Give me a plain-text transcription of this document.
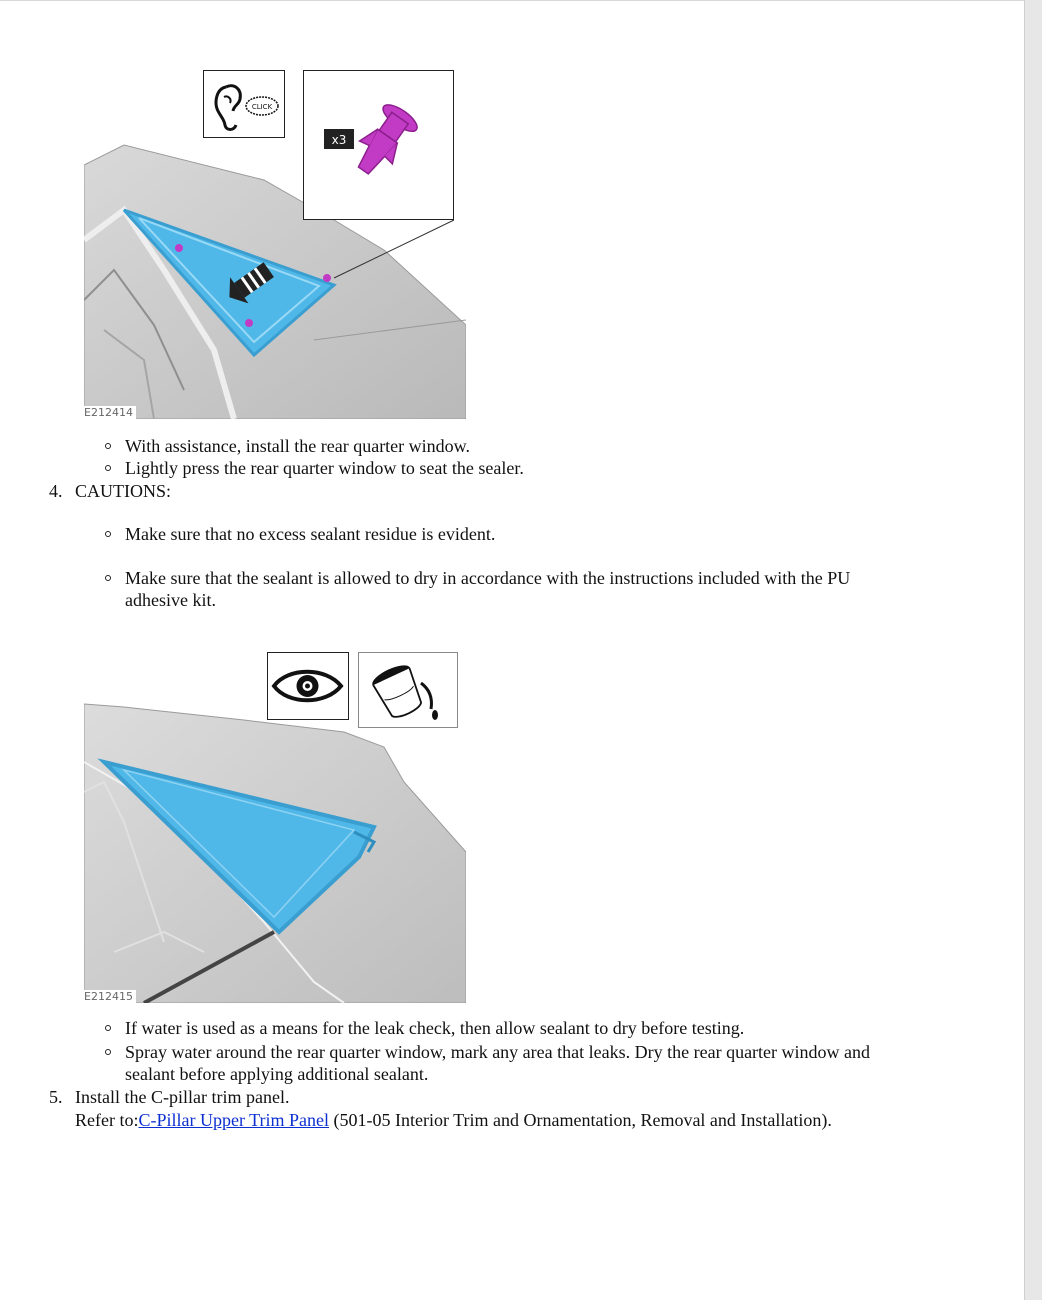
CLICK
x3
E212414
With assistance, install the rear quarter window.
Lightly press the rear quarter window to seat the sealer.
4. CAUTIONS:
Make sure that no excess sealant residue is evident.
Make sure that the sealant is allowed to dry in accordance with the instructions included with the PU
adhesive kit.
E212415
If water is used as a means for the leak check, then allow sealant to dry before testing.
Spray water around the rear quarter window, mark any area that leaks. Dry the rear quarter window and
sealant before applying additional sealant.
5. Install the C-pillar trim panel.
Refer to:C-Pillar Upper Trim Panel (501-05 Interior Trim and Ornamentation, Removal and Installation).
